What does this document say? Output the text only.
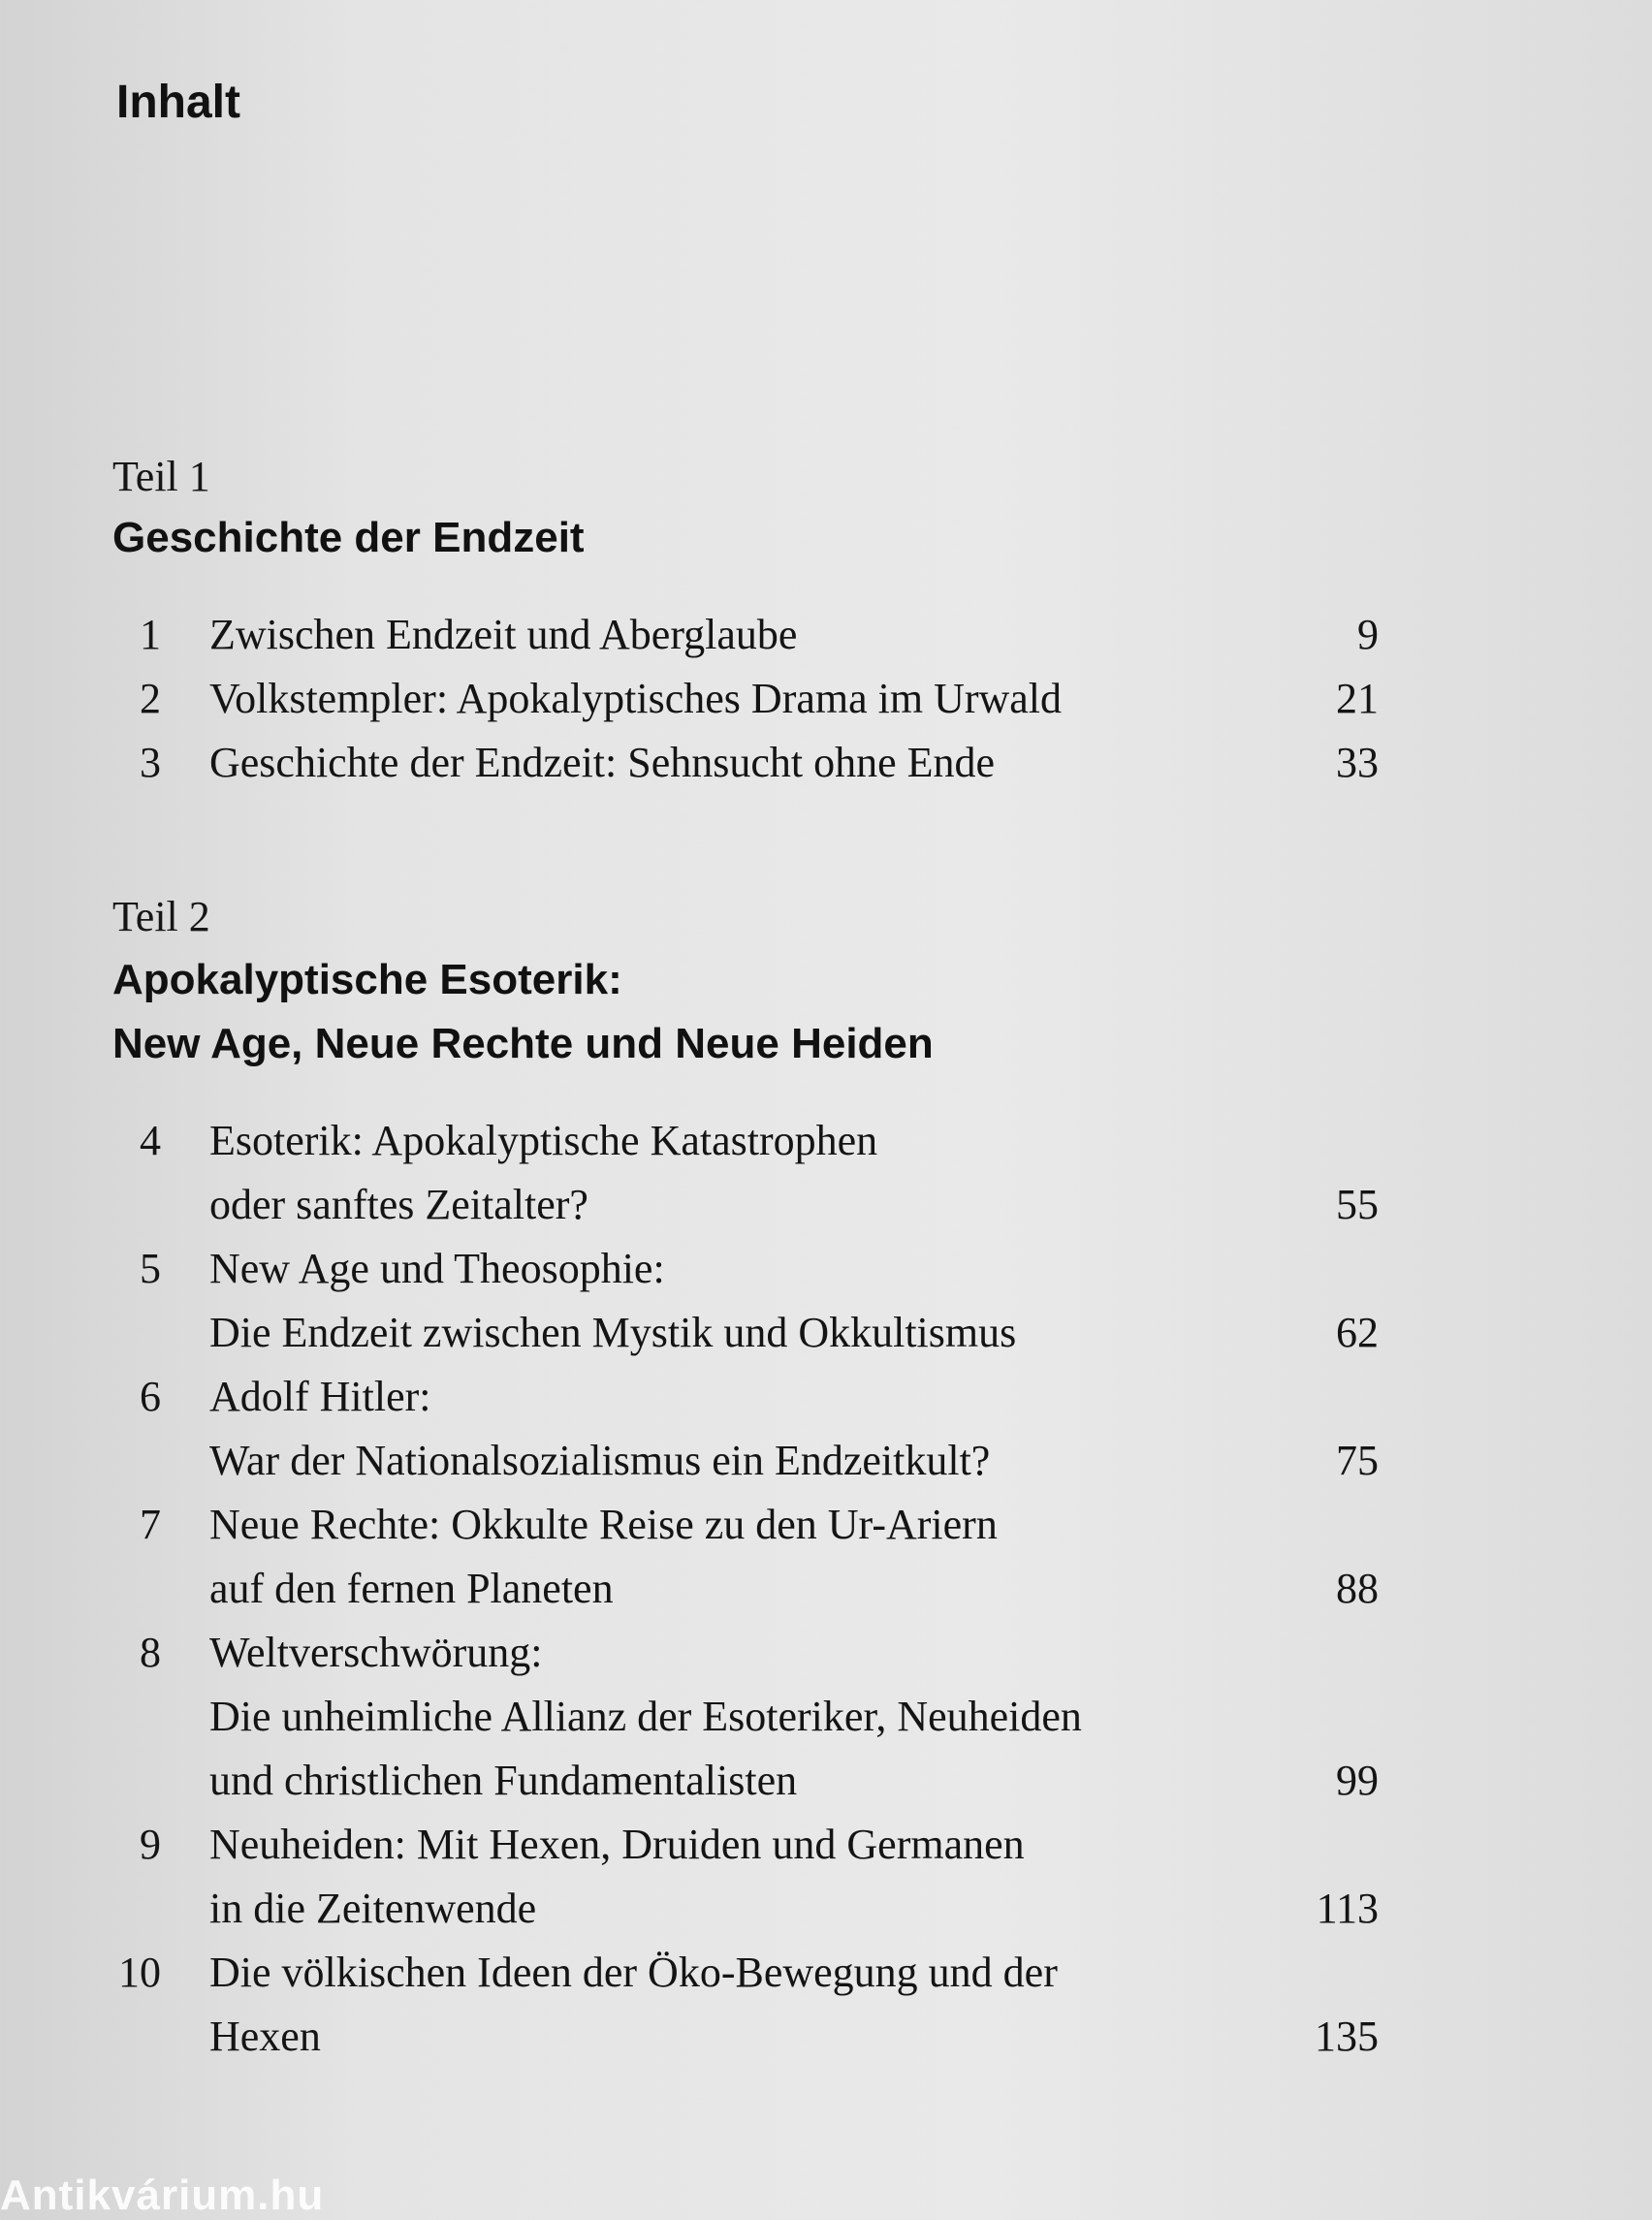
Inhalt
Teil 1
Geschichte der Endzeit
1 Zwischen Endzeit und Aberglaube	9
2 Volkstempler: Apokalyptisches Drama im Urwald	21
3 Geschichte der Endzeit: Sehnsucht ohne Ende	33
Teil 2
Apokalyptische Esoterik:
New Age, Neue Rechte und Neue Heiden
4 Esoterik: Apokalyptische Katastrophen
oder sanftes Zeitalter?	55
5 New Age und Theosophie:
Die Endzeit zwischen Mystik und Okkultismus	62
6 Adolf Hitler:
War der Nationalsozialismus ein Endzeitkult?	75
7 Neue Rechte: Okkulte Reise zu den Ur-Ariern
auf den fernen Planeten	88
8 Weltverschwörung:
Die unheimliche Allianz der Esoteriker, Neuheiden
und christlichen Fundamentalisten	99
9 Neuheiden: Mit Hexen, Druiden und Germanen
in die Zeitenwende	113
10 Die völkischen Ideen der Öko-Bewegung und der
Hexen	135
Antikvárium.hu
